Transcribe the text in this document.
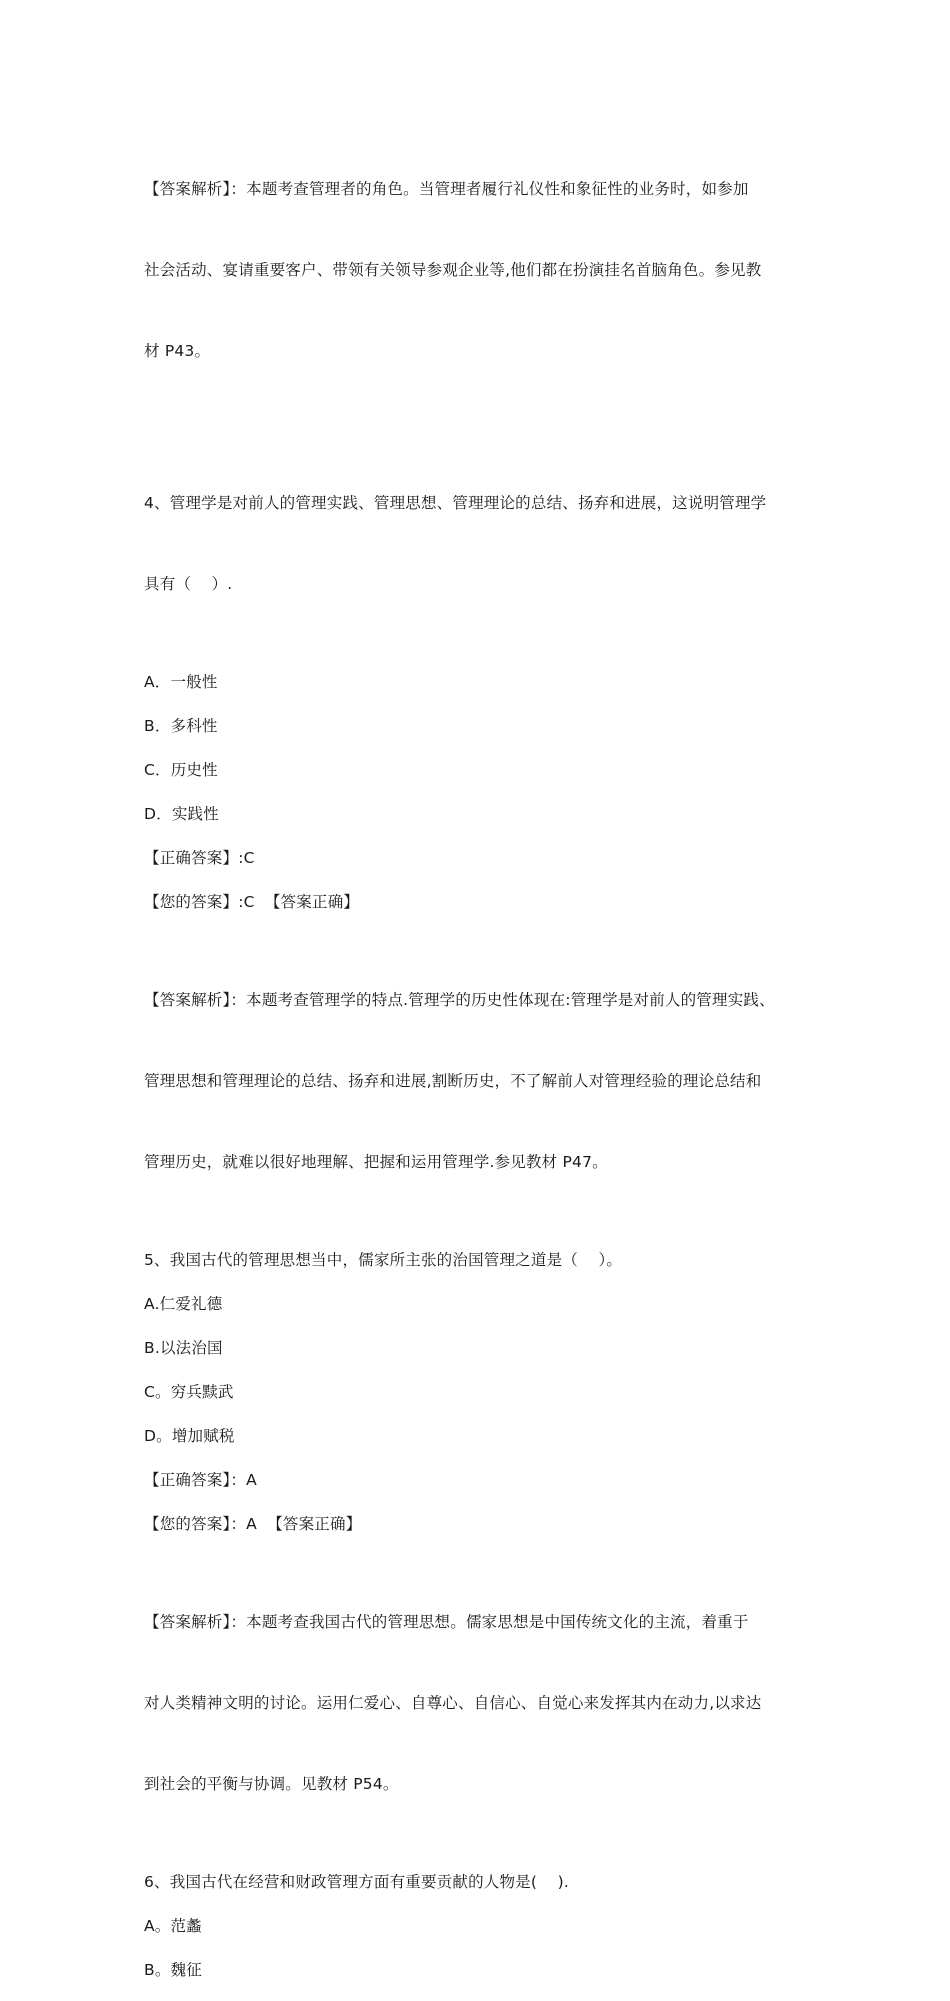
【答案解析】：本题考查管理者的角色。当管理者履行礼仪性和象征性的业务时，如参加

社会活动、宴请重要客户、带领有关领导参观企业等,他们都在扮演挂名首脑角色。参见教

材 P43。

4、管理学是对前人的管理实践、管理思想、管理理论的总结、扬弃和进展，这说明管理学

具有（    ）.

A．一般性

B．多科性

C．历史性

D．实践性

【正确答案】:C

【您的答案】:C  【答案正确】

【答案解析】：本题考查管理学的特点.管理学的历史性体现在:管理学是对前人的管理实践、

管理思想和管理理论的总结、扬弃和进展,割断历史，不了解前人对管理经验的理论总结和

管理历史，就难以很好地理解、把握和运用管理学.参见教材 P47。

5、我国古代的管理思想当中，儒家所主张的治国管理之道是（    ）。

A.仁爱礼德

B.以法治国

C。穷兵黩武

D。增加赋税

【正确答案】：A

【您的答案】：A  【答案正确】

【答案解析】：本题考查我国古代的管理思想。儒家思想是中国传统文化的主流，着重于

对人类精神文明的讨论。运用仁爱心、自尊心、自信心、自觉心来发挥其内在动力,以求达

到社会的平衡与协调。见教材 P54。

6、我国古代在经营和财政管理方面有重要贡献的人物是(    ).

A。范蠡

B。魏征
